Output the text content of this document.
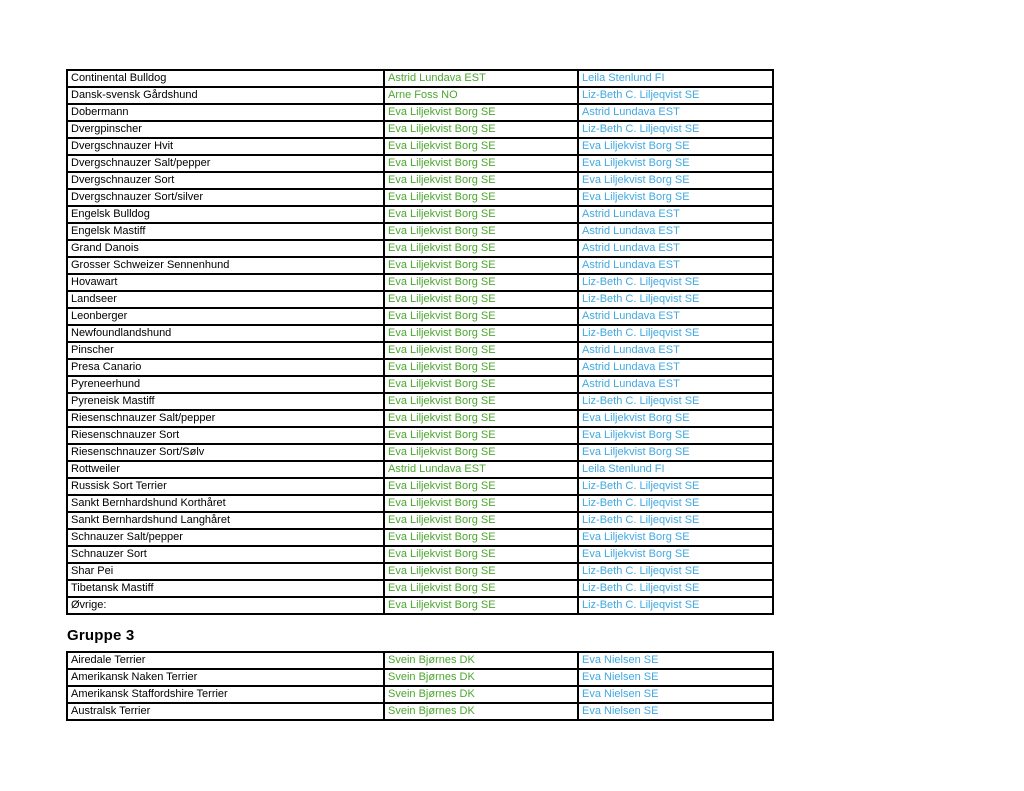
Continental Bulldog	Astrid Lundava EST	Leila Stenlund FI
Dansk-svensk Gårdshund	Arne Foss NO	Liz-Beth C. Liljeqvist SE
Dobermann	Eva Liljekvist Borg SE	Astrid Lundava EST
Dvergpinscher	Eva Liljekvist Borg SE	Liz-Beth C. Liljeqvist SE
Dvergschnauzer Hvit	Eva Liljekvist Borg SE	Eva Liljekvist Borg SE
Dvergschnauzer Salt/pepper	Eva Liljekvist Borg SE	Eva Liljekvist Borg SE
Dvergschnauzer Sort	Eva Liljekvist Borg SE	Eva Liljekvist Borg SE
Dvergschnauzer Sort/silver	Eva Liljekvist Borg SE	Eva Liljekvist Borg SE
Engelsk Bulldog	Eva Liljekvist Borg SE	Astrid Lundava EST
Engelsk Mastiff	Eva Liljekvist Borg SE	Astrid Lundava EST
Grand Danois	Eva Liljekvist Borg SE	Astrid Lundava EST
Grosser Schweizer Sennenhund	Eva Liljekvist Borg SE	Astrid Lundava EST
Hovawart	Eva Liljekvist Borg SE	Liz-Beth C. Liljeqvist SE
Landseer	Eva Liljekvist Borg SE	Liz-Beth C. Liljeqvist SE
Leonberger	Eva Liljekvist Borg SE	Astrid Lundava EST
Newfoundlandshund	Eva Liljekvist Borg SE	Liz-Beth C. Liljeqvist SE
Pinscher	Eva Liljekvist Borg SE	Astrid Lundava EST
Presa Canario	Eva Liljekvist Borg SE	Astrid Lundava EST
Pyreneerhund	Eva Liljekvist Borg SE	Astrid Lundava EST
Pyreneisk Mastiff	Eva Liljekvist Borg SE	Liz-Beth C. Liljeqvist SE
Riesenschnauzer Salt/pepper	Eva Liljekvist Borg SE	Eva Liljekvist Borg SE
Riesenschnauzer Sort	Eva Liljekvist Borg SE	Eva Liljekvist Borg SE
Riesenschnauzer Sort/Sølv	Eva Liljekvist Borg SE	Eva Liljekvist Borg SE
Rottweiler	Astrid Lundava EST	Leila Stenlund FI
Russisk Sort Terrier	Eva Liljekvist Borg SE	Liz-Beth C. Liljeqvist SE
Sankt Bernhardshund Korthåret	Eva Liljekvist Borg SE	Liz-Beth C. Liljeqvist SE
Sankt Bernhardshund Langhåret	Eva Liljekvist Borg SE	Liz-Beth C. Liljeqvist SE
Schnauzer Salt/pepper	Eva Liljekvist Borg SE	Eva Liljekvist Borg SE
Schnauzer Sort	Eva Liljekvist Borg SE	Eva Liljekvist Borg SE
Shar Pei	Eva Liljekvist Borg SE	Liz-Beth C. Liljeqvist SE
Tibetansk Mastiff	Eva Liljekvist Borg SE	Liz-Beth C. Liljeqvist SE
Øvrige:	Eva Liljekvist Borg SE	Liz-Beth C. Liljeqvist SE
Gruppe 3
Airedale Terrier	Svein Bjørnes DK	Eva Nielsen SE
Amerikansk Naken Terrier	Svein Bjørnes DK	Eva Nielsen SE
Amerikansk Staffordshire Terrier	Svein Bjørnes DK	Eva Nielsen SE
Australsk Terrier	Svein Bjørnes DK	Eva Nielsen SE
